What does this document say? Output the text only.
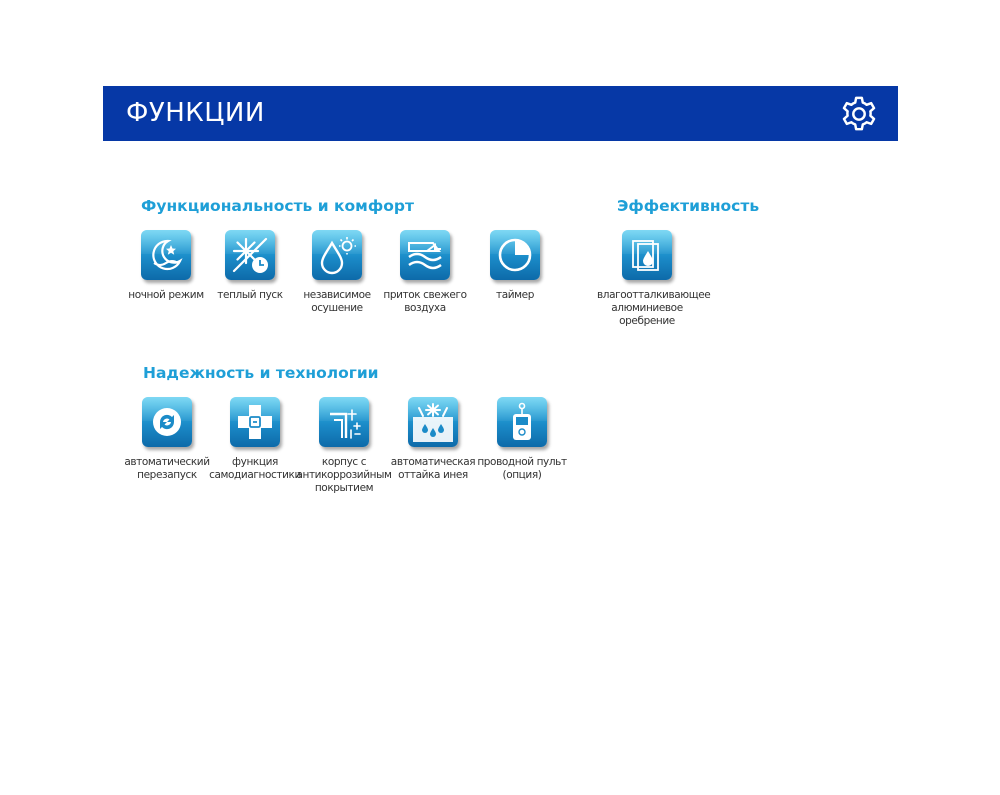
ФУНКЦИИ
Функциональность и комфорт
ночной режим	теплый пуск	независимое осушение
приток свежего воздуха
таймер
Эффективность
влагоотталкивающее алюминиевое оребрение
Надежность и технологии
автоматический перезапуск
функция самодиагностики
корпус с антикоррозийным покрытием
автоматическая оттайка инея
проводной пульт (опция)
